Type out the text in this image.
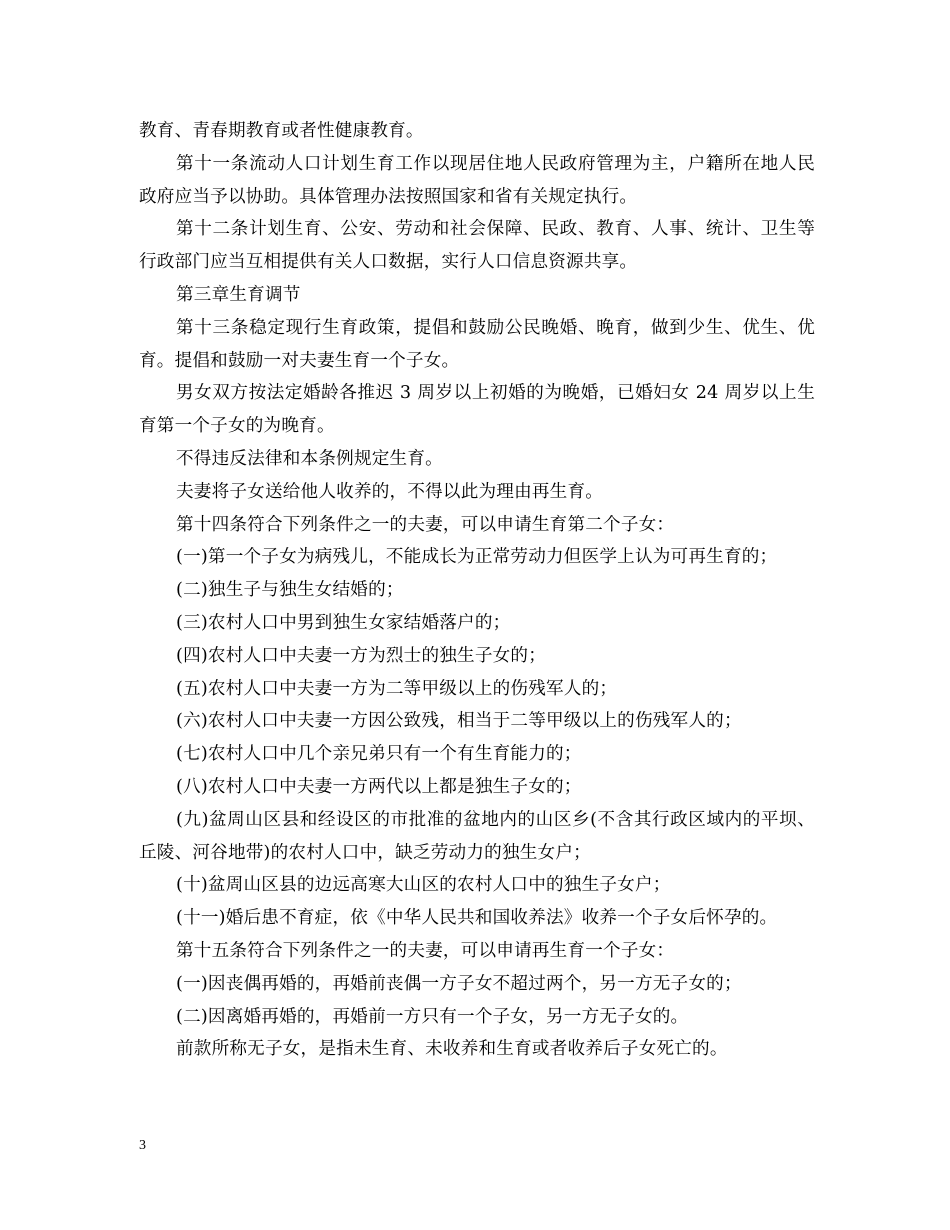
教育、青春期教育或者性健康教育。

第十一条流动人口计划生育工作以现居住地人民政府管理为主，户籍所在地人民政府应当予以协助。具体管理办法按照国家和省有关规定执行。

第十二条计划生育、公安、劳动和社会保障、民政、教育、人事、统计、卫生等行政部门应当互相提供有关人口数据，实行人口信息资源共享。

第三章生育调节

第十三条稳定现行生育政策，提倡和鼓励公民晚婚、晚育，做到少生、优生、优育。提倡和鼓励一对夫妻生育一个子女。

男女双方按法定婚龄各推迟 3 周岁以上初婚的为晚婚，已婚妇女 24 周岁以上生育第一个子女的为晚育。

不得违反法律和本条例规定生育。

夫妻将子女送给他人收养的，不得以此为理由再生育。

第十四条符合下列条件之一的夫妻，可以申请生育第二个子女：

(一)第一个子女为病残儿，不能成长为正常劳动力但医学上认为可再生育的；

(二)独生子与独生女结婚的；

(三)农村人口中男到独生女家结婚落户的；

(四)农村人口中夫妻一方为烈士的独生子女的；

(五)农村人口中夫妻一方为二等甲级以上的伤残军人的；

(六)农村人口中夫妻一方因公致残，相当于二等甲级以上的伤残军人的；

(七)农村人口中几个亲兄弟只有一个有生育能力的；

(八)农村人口中夫妻一方两代以上都是独生子女的；

(九)盆周山区县和经设区的市批准的盆地内的山区乡(不含其行政区域内的平坝、丘陵、河谷地带)的农村人口中，缺乏劳动力的独生女户；

(十)盆周山区县的边远高寒大山区的农村人口中的独生子女户；

(十一)婚后患不育症，依《中华人民共和国收养法》收养一个子女后怀孕的。

第十五条符合下列条件之一的夫妻，可以申请再生育一个子女：

(一)因丧偶再婚的，再婚前丧偶一方子女不超过两个，另一方无子女的；

(二)因离婚再婚的，再婚前一方只有一个子女，另一方无子女的。

前款所称无子女，是指未生育、未收养和生育或者收养后子女死亡的。

3
